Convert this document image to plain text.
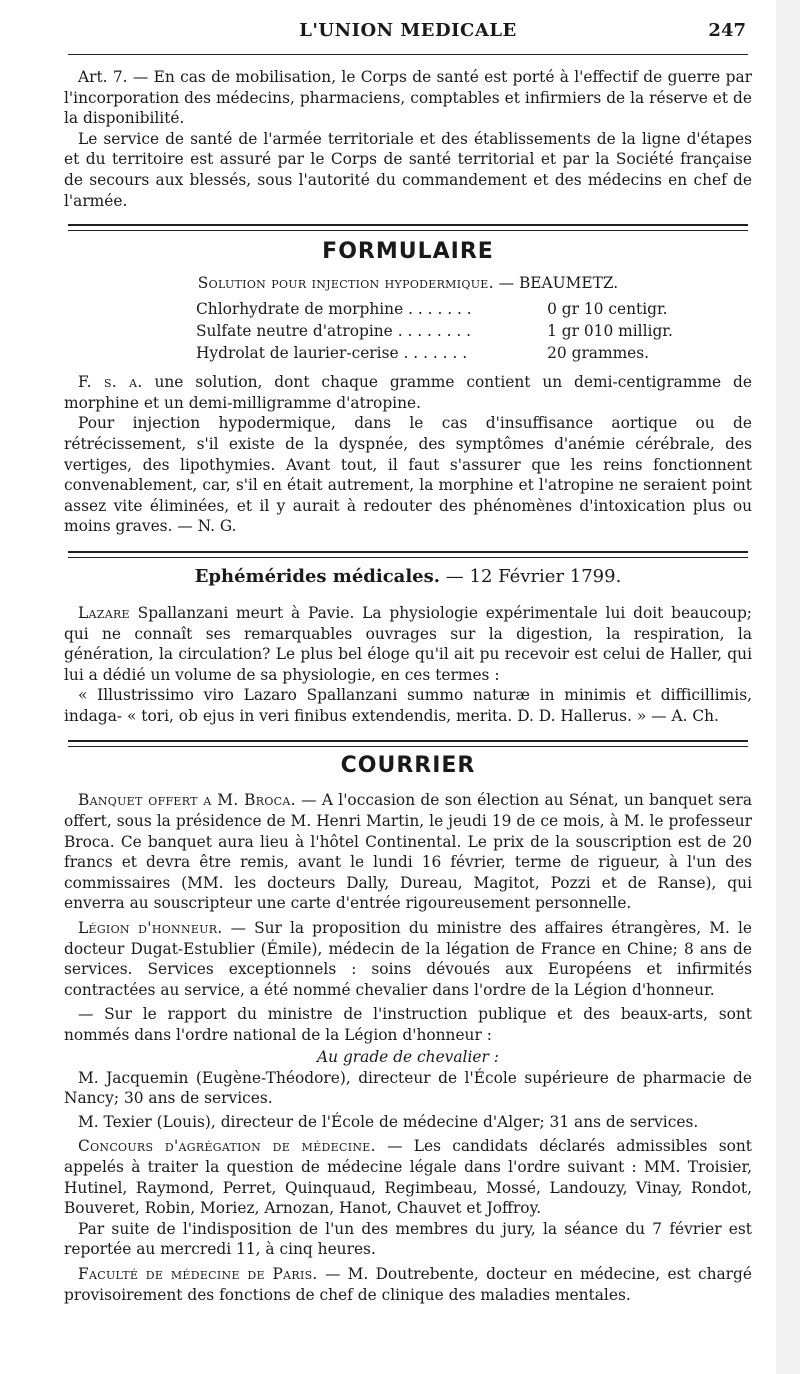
L'UNION MEDICALE	247

Art. 7. — En cas de mobilisation, le Corps de santé est porté à l'effectif de guerre par l'incorporation des médecins, pharmaciens, comptables et infirmiers de la réserve et de la disponibilité.

Le service de santé de l'armée territoriale et des établissements de la ligne d'étapes et du territoire est assuré par le Corps de santé territorial et par la Société française de secours aux blessés, sous l'autorité du commandement et des médecins en chef de l'armée.

FORMULAIRE
Solution pour injection hypodermique. — BEAUMETZ.
Chlorhydrate de morphine . . . . . . .	0 gr 10 centigr.
Sulfate neutre d'atropine . . . . . . . .	1 gr 010 milligr.
Hydrolat de laurier-cerise . . . . . . .	20 grammes.

F. s. a. une solution, dont chaque gramme contient un demi-centigramme de morphine et un demi-milligramme d'atropine.

Pour injection hypodermique, dans le cas d'insuffisance aortique ou de rétrécissement, s'il existe de la dyspnée, des symptômes d'anémie cérébrale, des vertiges, des lipothymies. Avant tout, il faut s'assurer que les reins fonctionnent convenablement, car, s'il en était autrement, la morphine et l'atropine ne seraient point assez vite éliminées, et il y aurait à redouter des phénomènes d'intoxication plus ou moins graves. — N. G.

Ephémérides médicales. — 12 Février 1799.

Lazare Spallanzani meurt à Pavie. La physiologie expérimentale lui doit beaucoup; qui ne connaît ses remarquables ouvrages sur la digestion, la respiration, la génération, la circulation? Le plus bel éloge qu'il ait pu recevoir est celui de Haller, qui lui a dédié un volume de sa physiologie, en ces termes :

« Illustrissimo viro Lazaro Spallanzani summo naturæ in minimis et difficillimis, indaga- « tori, ob ejus in veri finibus extendendis, merita. D. D. Hallerus. » — A. Ch.

COURRIER

Banquet offert a M. Broca. — A l'occasion de son élection au Sénat, un banquet sera offert, sous la présidence de M. Henri Martin, le jeudi 19 de ce mois, à M. le professeur Broca. Ce banquet aura lieu à l'hôtel Continental. Le prix de la souscription est de 20 francs et devra être remis, avant le lundi 16 février, terme de rigueur, à l'un des commissaires (MM. les docteurs Dally, Dureau, Magitot, Pozzi et de Ranse), qui enverra au souscripteur une carte d'entrée rigoureusement personnelle.

Légion d'honneur. — Sur la proposition du ministre des affaires étrangères, M. le docteur Dugat-Estublier (Émile), médecin de la légation de France en Chine; 8 ans de services. Services exceptionnels : soins dévoués aux Européens et infirmités contractées au service, a été nommé chevalier dans l'ordre de la Légion d'honneur.

— Sur le rapport du ministre de l'instruction publique et des beaux-arts, sont nommés dans l'ordre national de la Légion d'honneur :

Au grade de chevalier :

M. Jacquemin (Eugène-Théodore), directeur de l'École supérieure de pharmacie de Nancy; 30 ans de services.

M. Texier (Louis), directeur de l'École de médecine d'Alger; 31 ans de services.

Concours d'agrégation de médecine. — Les candidats déclarés admissibles sont appelés à traiter la question de médecine légale dans l'ordre suivant : MM. Troisier, Hutinel, Raymond, Perret, Quinquaud, Regimbeau, Mossé, Landouzy, Vinay, Rondot, Bouveret, Robin, Moriez, Arnozan, Hanot, Chauvet et Joffroy.

Par suite de l'indisposition de l'un des membres du jury, la séance du 7 février est reportée au mercredi 11, à cinq heures.

Faculté de médecine de Paris. — M. Doutrebente, docteur en médecine, est chargé provisoirement des fonctions de chef de clinique des maladies mentales.
